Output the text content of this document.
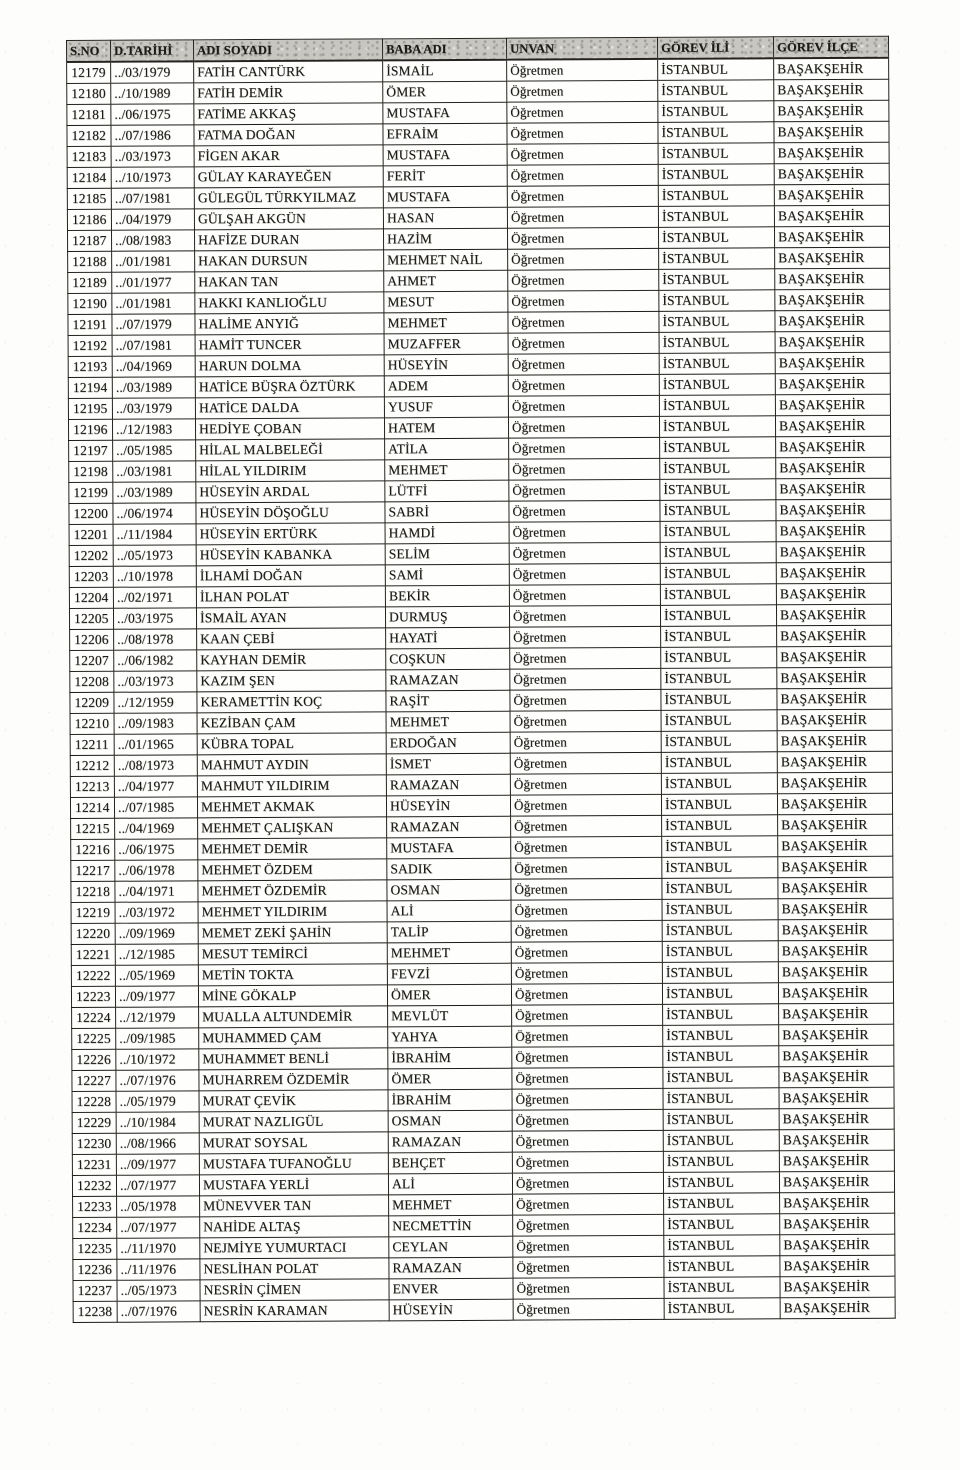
S.NO	D.TARİHİ	ADI SOYADI	BABA ADI	UNVAN	GÖREV İLİ	GÖREV İLÇE
12179	../03/1979	FATİH CANTÜRK	İSMAİL	Öğretmen	İSTANBUL	BAŞAKŞEHİR
12180	../10/1989	FATİH DEMİR	ÖMER	Öğretmen	İSTANBUL	BAŞAKŞEHİR
12181	../06/1975	FATİME AKKAŞ	MUSTAFA	Öğretmen	İSTANBUL	BAŞAKŞEHİR
12182	../07/1986	FATMA DOĞAN	EFRAİM	Öğretmen	İSTANBUL	BAŞAKŞEHİR
12183	../03/1973	FİGEN AKAR	MUSTAFA	Öğretmen	İSTANBUL	BAŞAKŞEHİR
12184	../10/1973	GÜLAY KARAYEĞEN	FERİT	Öğretmen	İSTANBUL	BAŞAKŞEHİR
12185	../07/1981	GÜLEGÜL TÜRKYILMAZ	MUSTAFA	Öğretmen	İSTANBUL	BAŞAKŞEHİR
12186	../04/1979	GÜLŞAH AKGÜN	HASAN	Öğretmen	İSTANBUL	BAŞAKŞEHİR
12187	../08/1983	HAFİZE DURAN	HAZİM	Öğretmen	İSTANBUL	BAŞAKŞEHİR
12188	../01/1981	HAKAN DURSUN	MEHMET NAİL	Öğretmen	İSTANBUL	BAŞAKŞEHİR
12189	../01/1977	HAKAN TAN	AHMET	Öğretmen	İSTANBUL	BAŞAKŞEHİR
12190	../01/1981	HAKKI KANLIOĞLU	MESUT	Öğretmen	İSTANBUL	BAŞAKŞEHİR
12191	../07/1979	HALİME ANYIĞ	MEHMET	Öğretmen	İSTANBUL	BAŞAKŞEHİR
12192	../07/1981	HAMİT TUNCER	MUZAFFER	Öğretmen	İSTANBUL	BAŞAKŞEHİR
12193	../04/1969	HARUN DOLMA	HÜSEYİN	Öğretmen	İSTANBUL	BAŞAKŞEHİR
12194	../03/1989	HATİCE BÜŞRA ÖZTÜRK	ADEM	Öğretmen	İSTANBUL	BAŞAKŞEHİR
12195	../03/1979	HATİCE DALDA	YUSUF	Öğretmen	İSTANBUL	BAŞAKŞEHİR
12196	../12/1983	HEDİYE ÇOBAN	HATEM	Öğretmen	İSTANBUL	BAŞAKŞEHİR
12197	../05/1985	HİLAL MALBELEĞİ	ATİLA	Öğretmen	İSTANBUL	BAŞAKŞEHİR
12198	../03/1981	HİLAL YILDIRIM	MEHMET	Öğretmen	İSTANBUL	BAŞAKŞEHİR
12199	../03/1989	HÜSEYİN ARDAL	LÜTFİ	Öğretmen	İSTANBUL	BAŞAKŞEHİR
12200	../06/1974	HÜSEYİN DÖŞOĞLU	SABRİ	Öğretmen	İSTANBUL	BAŞAKŞEHİR
12201	../11/1984	HÜSEYİN ERTÜRK	HAMDİ	Öğretmen	İSTANBUL	BAŞAKŞEHİR
12202	../05/1973	HÜSEYİN KABANKA	SELİM	Öğretmen	İSTANBUL	BAŞAKŞEHİR
12203	../10/1978	İLHAMİ DOĞAN	SAMİ	Öğretmen	İSTANBUL	BAŞAKŞEHİR
12204	../02/1971	İLHAN POLAT	BEKİR	Öğretmen	İSTANBUL	BAŞAKŞEHİR
12205	../03/1975	İSMAİL AYAN	DURMUŞ	Öğretmen	İSTANBUL	BAŞAKŞEHİR
12206	../08/1978	KAAN ÇEBİ	HAYATİ	Öğretmen	İSTANBUL	BAŞAKŞEHİR
12207	../06/1982	KAYHAN DEMİR	COŞKUN	Öğretmen	İSTANBUL	BAŞAKŞEHİR
12208	../03/1973	KAZIM ŞEN	RAMAZAN	Öğretmen	İSTANBUL	BAŞAKŞEHİR
12209	../12/1959	KERAMETTİN KOÇ	RAŞİT	Öğretmen	İSTANBUL	BAŞAKŞEHİR
12210	../09/1983	KEZİBAN ÇAM	MEHMET	Öğretmen	İSTANBUL	BAŞAKŞEHİR
12211	../01/1965	KÜBRA TOPAL	ERDOĞAN	Öğretmen	İSTANBUL	BAŞAKŞEHİR
12212	../08/1973	MAHMUT AYDIN	İSMET	Öğretmen	İSTANBUL	BAŞAKŞEHİR
12213	../04/1977	MAHMUT YILDIRIM	RAMAZAN	Öğretmen	İSTANBUL	BAŞAKŞEHİR
12214	../07/1985	MEHMET AKMAK	HÜSEYİN	Öğretmen	İSTANBUL	BAŞAKŞEHİR
12215	../04/1969	MEHMET ÇALIŞKAN	RAMAZAN	Öğretmen	İSTANBUL	BAŞAKŞEHİR
12216	../06/1975	MEHMET DEMİR	MUSTAFA	Öğretmen	İSTANBUL	BAŞAKŞEHİR
12217	../06/1978	MEHMET ÖZDEM	SADIK	Öğretmen	İSTANBUL	BAŞAKŞEHİR
12218	../04/1971	MEHMET ÖZDEMİR	OSMAN	Öğretmen	İSTANBUL	BAŞAKŞEHİR
12219	../03/1972	MEHMET YILDIRIM	ALİ	Öğretmen	İSTANBUL	BAŞAKŞEHİR
12220	../09/1969	MEMET ZEKİ ŞAHİN	TALİP	Öğretmen	İSTANBUL	BAŞAKŞEHİR
12221	../12/1985	MESUT TEMİRCİ	MEHMET	Öğretmen	İSTANBUL	BAŞAKŞEHİR
12222	../05/1969	METİN TOKTA	FEVZİ	Öğretmen	İSTANBUL	BAŞAKŞEHİR
12223	../09/1977	MİNE GÖKALP	ÖMER	Öğretmen	İSTANBUL	BAŞAKŞEHİR
12224	../12/1979	MUALLA ALTUNDEMİR	MEVLÜT	Öğretmen	İSTANBUL	BAŞAKŞEHİR
12225	../09/1985	MUHAMMED ÇAM	YAHYA	Öğretmen	İSTANBUL	BAŞAKŞEHİR
12226	../10/1972	MUHAMMET BENLİ	İBRAHİM	Öğretmen	İSTANBUL	BAŞAKŞEHİR
12227	../07/1976	MUHARREM ÖZDEMİR	ÖMER	Öğretmen	İSTANBUL	BAŞAKŞEHİR
12228	../05/1979	MURAT ÇEVİK	İBRAHİM	Öğretmen	İSTANBUL	BAŞAKŞEHİR
12229	../10/1984	MURAT NAZLIGÜL	OSMAN	Öğretmen	İSTANBUL	BAŞAKŞEHİR
12230	../08/1966	MURAT SOYSAL	RAMAZAN	Öğretmen	İSTANBUL	BAŞAKŞEHİR
12231	../09/1977	MUSTAFA TUFANOĞLU	BEHÇET	Öğretmen	İSTANBUL	BAŞAKŞEHİR
12232	../07/1977	MUSTAFA YERLİ	ALİ	Öğretmen	İSTANBUL	BAŞAKŞEHİR
12233	../05/1978	MÜNEVVER TAN	MEHMET	Öğretmen	İSTANBUL	BAŞAKŞEHİR
12234	../07/1977	NAHİDE ALTAŞ	NECMETTİN	Öğretmen	İSTANBUL	BAŞAKŞEHİR
12235	../11/1970	NEJMİYE YUMURTACI	CEYLAN	Öğretmen	İSTANBUL	BAŞAKŞEHİR
12236	../11/1976	NESLİHAN POLAT	RAMAZAN	Öğretmen	İSTANBUL	BAŞAKŞEHİR
12237	../05/1973	NESRİN ÇİMEN	ENVER	Öğretmen	İSTANBUL	BAŞAKŞEHİR
12238	../07/1976	NESRİN KARAMAN	HÜSEYİN	Öğretmen	İSTANBUL	BAŞAKŞEHİR
